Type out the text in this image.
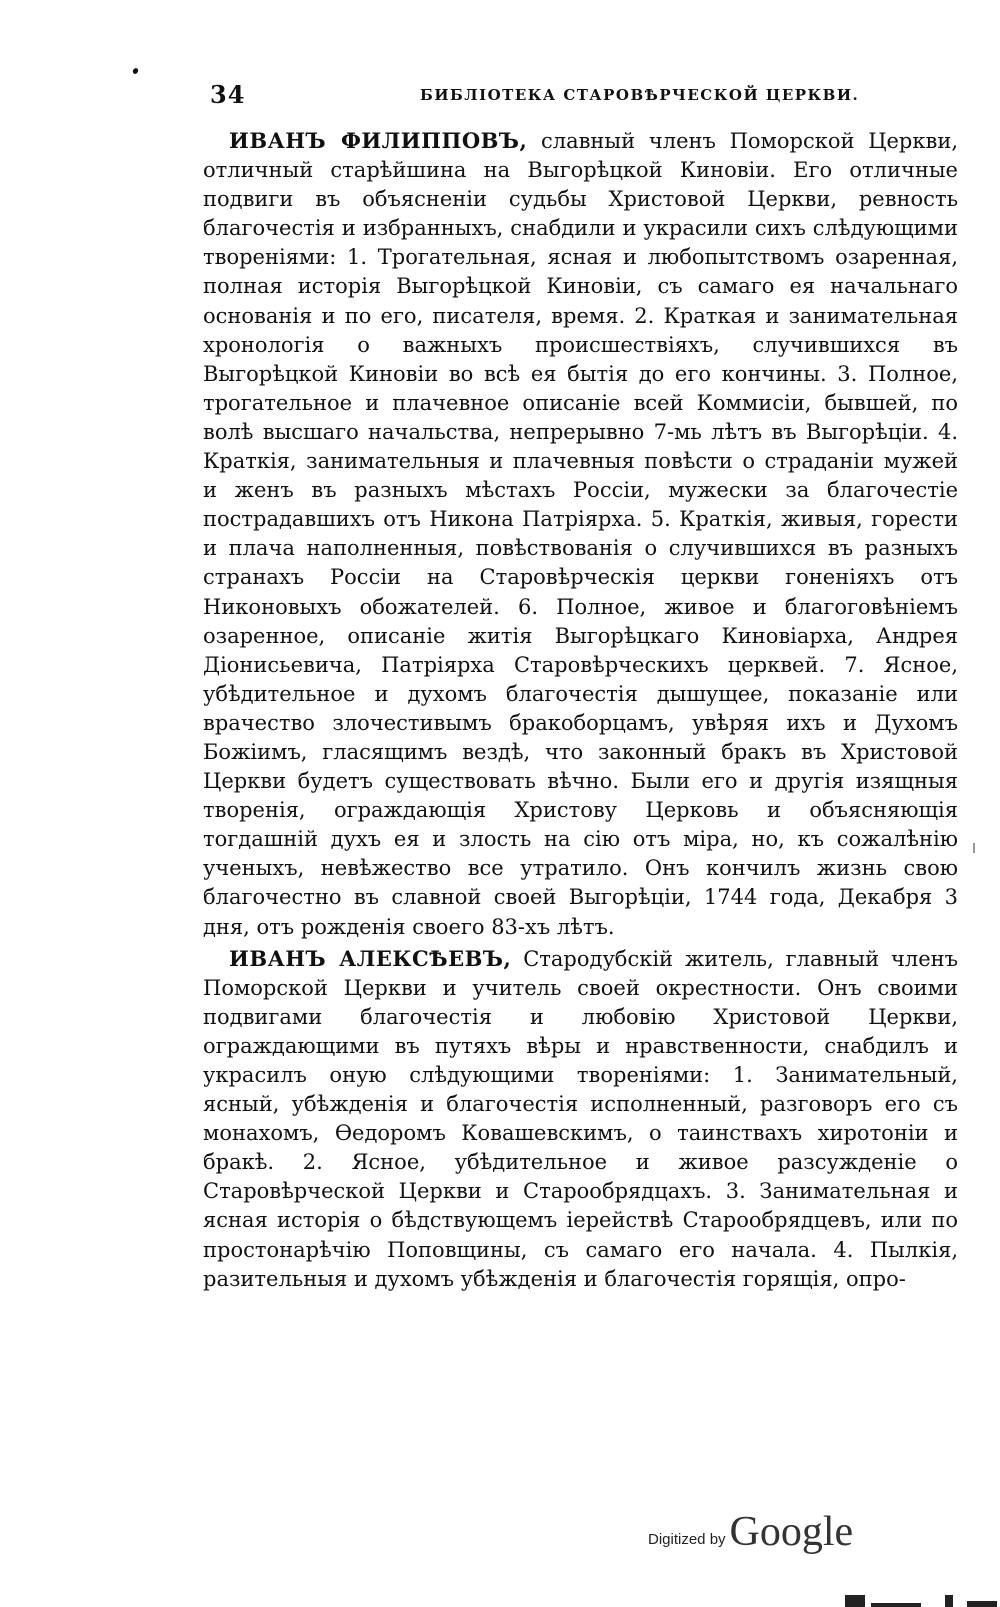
34	БИБЛІОТЕКА СТАРОВѢРЧЕСКОЙ ЦЕРКВИ.

ИВАНЪ ФИЛИППОВЪ, славный членъ Поморской Церкви, отличный старѣйшина на Выгорѣцкой Киновіи. Его отличные подвиги въ объясненіи судьбы Христовой Церкви, ревность благочестія и избранныхъ, снабдили и украсили сихъ слѣдующими твореніями: 1. Трогательная, ясная и любопытствомъ озаренная, полная исторія Выгорѣцкой Киновіи, съ самаго ея начальнаго основанія и по его, писателя, время. 2. Краткая и занимательная хронологія о важныхъ происшествіяхъ, случившихся въ Выгорѣцкой Киновіи во всѣ ея бытія до его кончины. 3. Полное, трогательное и плачевное описаніе всей Коммисіи, бывшей, по волѣ высшаго начальства, непрерывно 7-мь лѣтъ въ Выгорѣціи. 4. Краткія, занимательныя и плачевныя повѣсти о страданіи мужей и женъ въ разныхъ мѣстахъ Россіи, мужески за благочестіе пострадавшихъ отъ Никона Патріярха. 5. Краткія, живыя, горести и плача наполненныя, повѣствованія о случившихся въ разныхъ странахъ Россіи на Старовѣрческія церкви гоненіяхъ отъ Никоновыхъ обожателей. 6. Полное, живое и благоговѣніемъ озаренное, описаніе житія Выгорѣцкаго Киновіарха, Андрея Діонисьевича, Патріярха Старовѣрческихъ церквей. 7. Ясное, убѣдительное и духомъ благочестія дышущее, показаніе или врачество злочестивымъ бракоборцамъ, увѣряя ихъ и Духомъ Божіимъ, гласящимъ вездѣ, что законный бракъ въ Христовой Церкви будетъ существовать вѣчно. Были его и другія изящныя творенія, ограждающія Христову Церковь и объясняющія тогдашній духъ ея и злость на сію отъ міра, но, къ сожалѣнію ученыхъ, невѣжество все утратило. Онъ кончилъ жизнь свою благочестно въ славной своей Выгорѣціи, 1744 года, Декабря 3 дня, отъ рожденія своего 83-хъ лѣтъ.

ИВАНЪ АЛЕКСѢЕВЪ, Стародубскій житель, главный членъ Поморской Церкви и учитель своей окрестности. Онъ своими подвигами благочестія и любовію Христовой Церкви, ограждающими въ путяхъ вѣры и нравственности, снабдилъ и украсилъ оную слѣдующими твореніями: 1. Занимательный, ясный, убѣжденія и благочестія исполненный, разговоръ его съ монахомъ, Ѳедоромъ Ковашевскимъ, о таинствахъ хиротоніи и бракѣ. 2. Ясное, убѣдительное и живое разсужденіе о Старовѣрческой Церкви и Старообрядцахъ. 3. Занимательная и ясная исторія о бѣдствующемъ іерействѣ Старообрядцевъ, или по простонарѣчію Поповщины, съ самаго его начала. 4. Пылкія, разительныя и духомъ убѣжденія и благочестія горящія, опро-

Digitized by Google
